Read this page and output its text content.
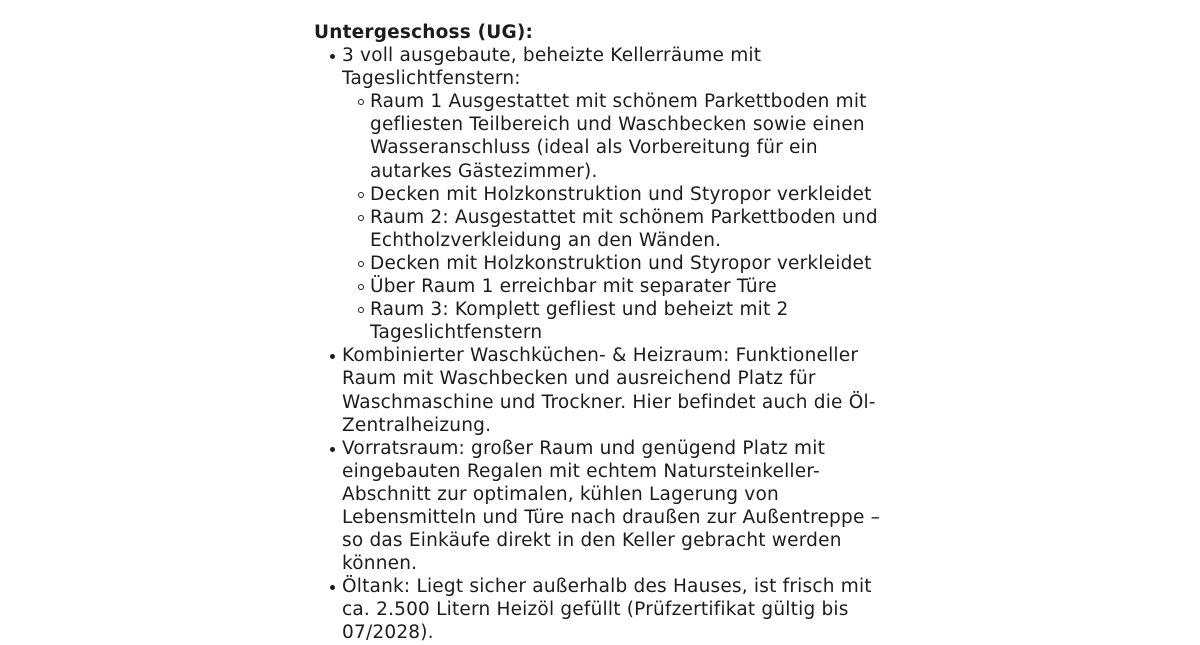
Untergeschoss (UG):

3 voll ausgebaute, beheizte Kellerräume mit Tageslichtfenstern:
Raum 1 Ausgestattet mit schönem Parkettboden mit gefliesten Teilbereich und Waschbecken sowie einen Wasseranschluss (ideal als Vorbereitung für ein autarkes Gästezimmer).
Decken mit Holzkonstruktion und Styropor verkleidet
Raum 2: Ausgestattet mit schönem Parkettboden und Echtholzverkleidung an den Wänden.
Decken mit Holzkonstruktion und Styropor verkleidet
Über Raum 1 erreichbar mit separater Türe
Raum 3: Komplett gefliest und beheizt mit 2 Tageslichtfenstern
Kombinierter Waschküchen- & Heizraum: Funktioneller Raum mit Waschbecken und ausreichend Platz für Waschmaschine und Trockner. Hier befindet auch die Öl-Zentralheizung.
Vorratsraum: großer Raum und genügend Platz mit eingebauten Regalen mit echtem Natursteinkeller-Abschnitt zur optimalen, kühlen Lagerung von Lebensmitteln und Türe nach draußen zur Außentreppe – so das Einkäufe direkt in den Keller gebracht werden können.
Öltank: Liegt sicher außerhalb des Hauses, ist frisch mit ca. 2.500 Litern Heizöl gefüllt (Prüfzertifikat gültig bis 07/2028).
